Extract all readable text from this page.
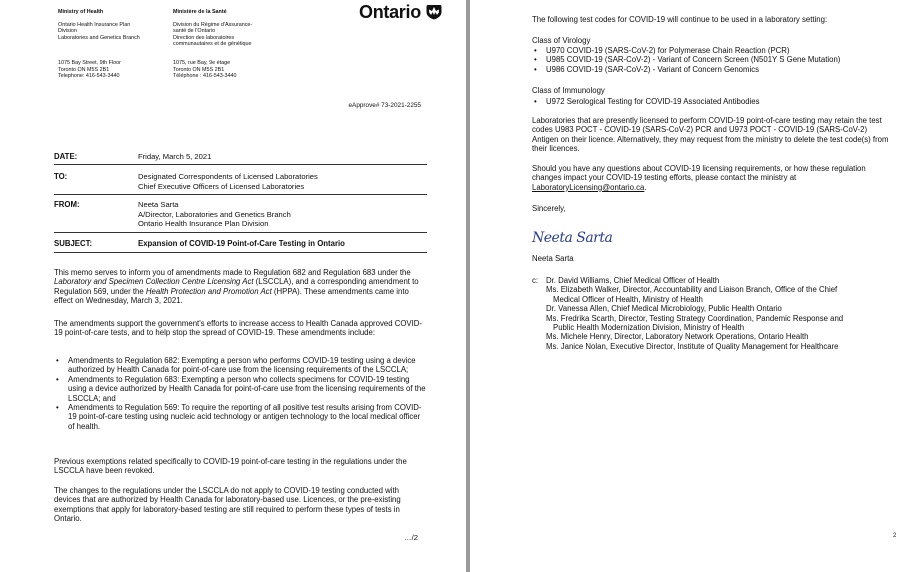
Ministry of Health
Ontario Health Insurance Plan
Division
Laboratories and Genetics Branch
Ministère de la Santé
Division du Régime d'Assurance-
santé de l'Ontario
Direction des laboratoires
communautaires et de génétique
1075 Bay Street, 9th Floor
Toronto ON M5S 2B1
Telephone: 416-543-3440
1075, rue Bay, 9e étage
Toronto ON M5S 2B1
Téléphone : 416-543-3440
Ontario
eApprove# 73-2021-2255
DATE:	Friday, March 5, 2021
TO:	Designated Correspondents of Licensed Laboratories
Chief Executive Officers of Licensed Laboratories
FROM:	Neeta Sarta
A/Director, Laboratories and Genetics Branch
Ontario Health Insurance Plan Division
SUBJECT:	Expansion of COVID-19 Point-of-Care Testing in Ontario
This memo serves to inform you of amendments made to Regulation 682 and Regulation 683 under the Laboratory and Specimen Collection Centre Licensing Act (LSCCLA), and a corresponding amendment to Regulation 569, under the Health Protection and Promotion Act (HPPA). These amendments came into effect on Wednesday, March 3, 2021.
The amendments support the government's efforts to increase access to Health Canada approved COVID-19 point-of-care tests, and to help stop the spread of COVID-19. These amendments include:
• Amendments to Regulation 682: Exempting a person who performs COVID-19 testing using a device authorized by Health Canada for point-of-care use from the licensing requirements of the LSCCLA;
• Amendments to Regulation 683: Exempting a person who collects specimens for COVID-19 testing using a device authorized by Health Canada for point-of-care use from the licensing requirements of the LSCCLA; and
• Amendments to Regulation 569: To require the reporting of all positive test results arising from COVID-19 point-of-care testing using nucleic acid technology or antigen technology to the local medical officer of health.
Previous exemptions related specifically to COVID-19 point-of-care testing in the regulations under the LSCCLA have been revoked.
The changes to the regulations under the LSCCLA do not apply to COVID-19 testing conducted with devices that are authorized by Health Canada for laboratory-based use. Licences, or the pre-existing exemptions that apply for laboratory-based testing are still required to perform these types of tests in Ontario.
…/2
The following test codes for COVID-19 will continue to be used in a laboratory setting:
Class of Virology
• U970 COVID-19 (SARS-CoV-2) for Polymerase Chain Reaction (PCR)
• U985 COVID-19 (SAR-CoV-2) - Variant of Concern Screen (N501Y S Gene Mutation)
• U986 COVID-19 (SAR-CoV-2) - Variant of Concern Genomics
Class of Immunology
• U972 Serological Testing for COVID-19 Associated Antibodies
Laboratories that are presently licensed to perform COVID-19 point-of-care testing may retain the test codes U983 POCT - COVID-19 (SARS-CoV-2) PCR and U973 POCT - COVID-19 (SARS-CoV-2) Antigen on their licence. Alternatively, they may request from the ministry to delete the test code(s) from their licences.
Should you have any questions about COVID-19 licensing requirements, or how these regulation changes impact your COVID-19 testing efforts, please contact the ministry at LaboratoryLicensing@ontario.ca.
Sincerely,
Neeta Sarta
Neeta Sarta
c: Dr. David Williams, Chief Medical Officer of Health
Ms. Elizabeth Walker, Director, Accountability and Liaison Branch, Office of the Chief
Medical Officer of Health, Ministry of Health
Dr. Vanessa Allen, Chief Medical Microbiology, Public Health Ontario
Ms. Fredrika Scarth, Director, Testing Strategy Coordination, Pandemic Response and
Public Health Modernization Division, Ministry of Health
Ms. Michele Henry, Director, Laboratory Network Operations, Ontario Health
Ms. Janice Nolan, Executive Director, Institute of Quality Management for Healthcare
2
